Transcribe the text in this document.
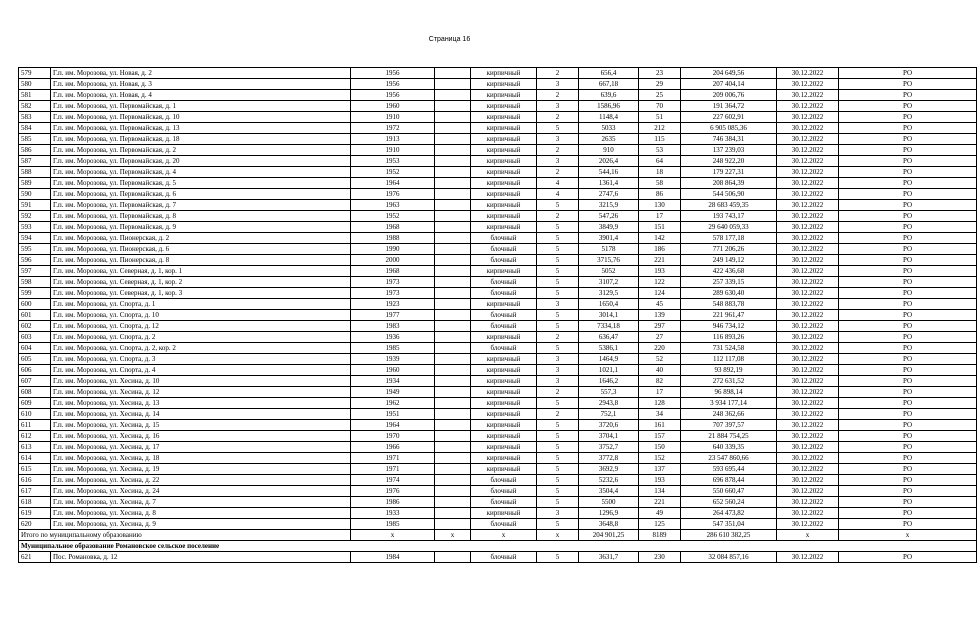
Страница 16
579	Г.п. им. Морозова, ул. Новая, д. 2	1956		кирпичный	2	656,4	23	204 649,56	30.12.2022	РО
580	Г.п. им. Морозова, ул. Новая, д. 3	1956		кирпичный	3	667,18	29	207 404,14	30.12.2022	РО
581	Г.п. им. Морозова, ул. Новая, д. 4	1956		кирпичный	2	639,6	25	209 006,76	30.12.2022	РО
582	Г.п. им. Морозова, ул. Первомайская, д. 1	1960		кирпичный	3	1586,96	70	191 364,72	30.12.2022	РО
583	Г.п. им. Морозова, ул. Первомайская, д. 10	1910		кирпичный	2	1148,4	51	227 602,91	30.12.2022	РО
584	Г.п. им. Морозова, ул. Первомайская, д. 13	1972		кирпичный	5	5033	212	6 905 085,36	30.12.2022	РО
585	Г.п. им. Морозова, ул. Первомайская, д. 18	1913		кирпичный	3	2635	115	746 384,31	30.12.2022	РО
586	Г.п. им. Морозова, ул. Первомайская, д. 2	1910		кирпичный	2	910	53	137 239,03	30.12.2022	РО
587	Г.п. им. Морозова, ул. Первомайская, д. 20	1953		кирпичный	3	2026,4	64	248 922,20	30.12.2022	РО
588	Г.п. им. Морозова, ул. Первомайская, д. 4	1952		кирпичный	2	544,16	18	179 227,31	30.12.2022	РО
589	Г.п. им. Морозова, ул. Первомайская, д. 5	1964		кирпичный	4	1361,4	58	208 864,39	30.12.2022	РО
590	Г.п. им. Морозова, ул. Первомайская, д. 6	1976		кирпичный	4	2747,6	86	544 506,90	30.12.2022	РО
591	Г.п. им. Морозова, ул. Первомайская, д. 7	1963		кирпичный	5	3215,9	130	28 683 459,35	30.12.2022	РО
592	Г.п. им. Морозова, ул. Первомайская, д. 8	1952		кирпичный	2	547,26	17	193 743,17	30.12.2022	РО
593	Г.п. им. Морозова, ул. Первомайская, д. 9	1968		кирпичный	5	3849,9	151	29 640 059,33	30.12.2022	РО
594	Г.п. им. Морозова, ул. Пионерская, д. 2	1988		блочный	5	3901,4	142	578 177,18	30.12.2022	РО
595	Г.п. им. Морозова, ул. Пионерская, д. 6	1990		блочный	5	5178	186	771 206,26	30.12.2022	РО
596	Г.п. им. Морозова, ул. Пионерская, д. 8	2000		блочный	5	3715,76	221	249 149,12	30.12.2022	РО
597	Г.п. им. Морозова, ул. Северная, д. 1, кор. 1	1968		кирпичный	5	5052	193	422 436,68	30.12.2022	РО
598	Г.п. им. Морозова, ул. Северная, д. 1, кор. 2	1973		блочный	5	3107,2	122	257 339,15	30.12.2022	РО
599	Г.п. им. Морозова, ул. Северная, д. 1, кор. 3	1973		блочный	5	3129,5	124	289 630,40	30.12.2022	РО
600	Г.п. им. Морозова, ул. Спорта, д. 1	1923		кирпичный	3	1650,4	45	548 883,78	30.12.2022	РО
601	Г.п. им. Морозова, ул. Спорта, д. 10	1977		блочный	5	3014,1	139	221 961,47	30.12.2022	РО
602	Г.п. им. Морозова, ул. Спорта, д. 12	1983		блочный	5	7334,18	297	946 734,12	30.12.2022	РО
603	Г.п. им. Морозова, ул. Спорта, д. 2	1936		кирпичный	2	636,47	27	116 893,26	30.12.2022	РО
604	Г.п. им. Морозова, ул. Спорта, д. 2, кор. 2	1985		блочный	5	5386,1	220	731 524,58	30.12.2022	РО
605	Г.п. им. Морозова, ул. Спорта, д. 3	1939		кирпичный	3	1464,9	52	112 117,08	30.12.2022	РО
606	Г.п. им. Морозова, ул. Спорта, д. 4	1960		кирпичный	3	1021,1	40	93 892,19	30.12.2022	РО
607	Г.п. им. Морозова, ул. Хесина, д. 10	1934		кирпичный	3	1646,2	82	272 631,52	30.12.2022	РО
608	Г.п. им. Морозова, ул. Хесина, д. 12	1949		кирпичный	2	557,3	17	96 898,14	30.12.2022	РО
609	Г.п. им. Морозова, ул. Хесина, д. 13	1962		кирпичный	5	2943,8	128	3 934 177,14	30.12.2022	РО
610	Г.п. им. Морозова, ул. Хесина, д. 14	1951		кирпичный	2	752,1	34	248 362,66	30.12.2022	РО
611	Г.п. им. Морозова, ул. Хесина, д. 15	1964		кирпичный	5	3720,6	161	707 397,57	30.12.2022	РО
612	Г.п. им. Морозова, ул. Хесина, д. 16	1970		кирпичный	5	3704,1	157	21 884 754,25	30.12.2022	РО
613	Г.п. им. Морозова, ул. Хесина, д. 17	1966		кирпичный	5	3752,7	150	640 339,35	30.12.2022	РО
614	Г.п. им. Морозова, ул. Хесина, д. 18	1971		кирпичный	5	3772,8	152	23 547 860,66	30.12.2022	РО
615	Г.п. им. Морозова, ул. Хесина, д. 19	1971		кирпичный	5	3692,9	137	593 695,44	30.12.2022	РО
616	Г.п. им. Морозова, ул. Хесина, д. 22	1974		блочный	5	5232,6	193	696 878,44	30.12.2022	РО
617	Г.п. им. Морозова, ул. Хесина, д. 24	1976		блочный	5	3504,4	134	550 660,47	30.12.2022	РО
618	Г.п. им. Морозова, ул. Хесина, д. 7	1986		блочный	5	5500	221	652 560,24	30.12.2022	РО
619	Г.п. им. Морозова, ул. Хесина, д. 8	1933		кирпичный	3	1296,9	49	264 473,82	30.12.2022	РО
620	Г.п. им. Морозова, ул. Хесина, д. 9	1985		блочный	5	3648,8	125	547 351,04	30.12.2022	РО
Итого по муниципальному образованию		х	х	х	х	204 901,25	8189	286 610 382,25	х	х
Муниципальное образование Романовское сельское поселение										
621	Пос. Романовка, д. 12	1984		блочный	5	3631,7	230	32 084 857,16	30.12.2022	РО
